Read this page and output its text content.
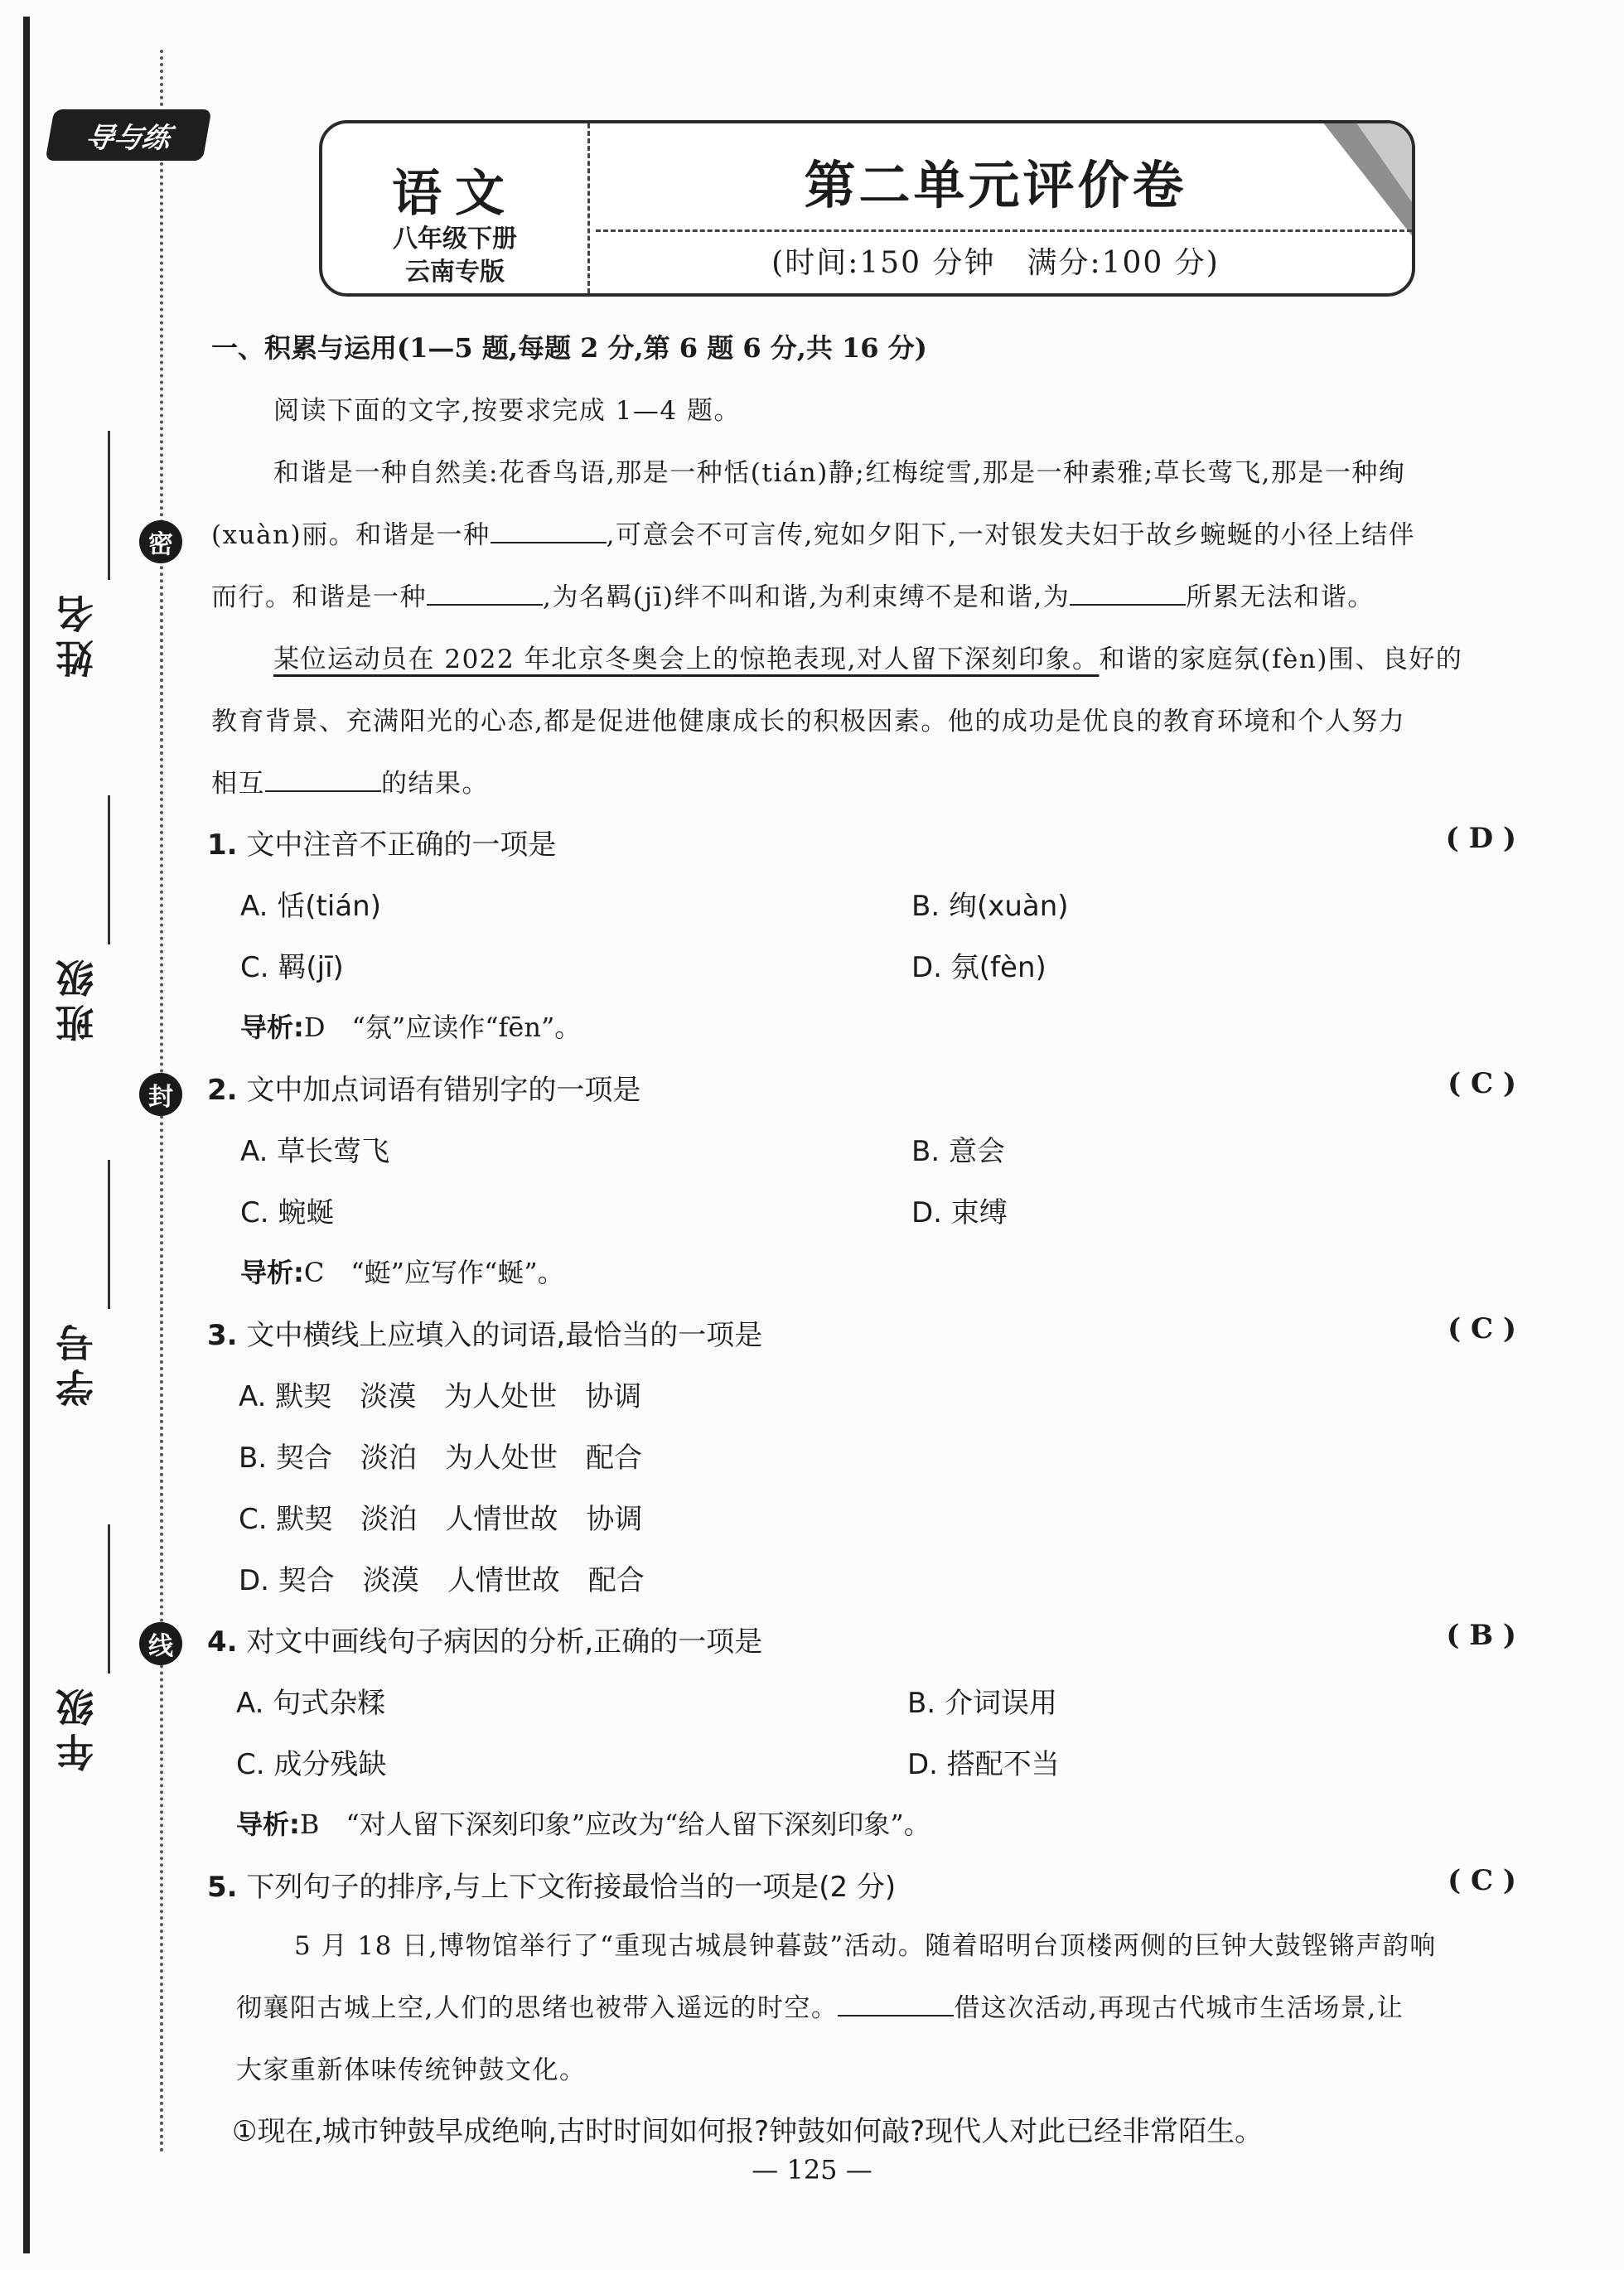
姓名
班级
学号
年级
密
封
线
导与练
语文
八年级下册
云南专版
第二单元评价卷
(时间:150 分钟　满分:100 分)
一、积累与运用(1—5 题,每题 2 分,第 6 题 6 分,共 16 分)
阅读下面的文字,按要求完成 1—4 题。
和谐是一种自然美:花香鸟语,那是一种恬(tián)静;红梅绽雪,那是一种素雅;草长莺飞,那是一种绚
(xuàn)丽。和谐是一种	,可意会不可言传,宛如夕阳下,一对银发夫妇于故乡蜿蜒的小径上结伴
而行。和谐是一种	,为名羁(jī)绊不叫和谐,为利束缚不是和谐,为	所累无法和谐。
某位运动员在 2022 年北京冬奥会上的惊艳表现,对人留下深刻印象。和谐的家庭氛(fèn)围、良好的
教育背景、充满阳光的心态,都是促进他健康成长的积极因素。他的成功是优良的教育环境和个人努力
相互	的结果。
1. 文中注音不正确的一项是	( D )
A. 恬(tián)	B. 绚(xuàn)
C. 羁(jī)	D. 氛(fèn)
导析:D　“氛”应读作“fēn”。
2. 文中加点词语有错别字的一项是	( C )
A. 草长莺飞	B. 意会
C. 蜿蜒	D. 束缚
导析:C　“蜓”应写作“蜒”。
3. 文中横线上应填入的词语,最恰当的一项是	( C )
A. 默契 淡漠 为人处世 协调
B. 契合 淡泊 为人处世 配合
C. 默契 淡泊 人情世故 协调
D. 契合 淡漠 人情世故 配合
4. 对文中画线句子病因的分析,正确的一项是	( B )
A. 句式杂糅	B. 介词误用
C. 成分残缺	D. 搭配不当
导析:B　“对人留下深刻印象”应改为“给人留下深刻印象”。
5. 下列句子的排序,与上下文衔接最恰当的一项是(2 分)	( C )
5 月 18 日,博物馆举行了“重现古城晨钟暮鼓”活动。随着昭明台顶楼两侧的巨钟大鼓铿锵声韵响
彻襄阳古城上空,人们的思绪也被带入遥远的时空。	借这次活动,再现古代城市生活场景,让
大家重新体味传统钟鼓文化。
①现在,城市钟鼓早成绝响,古时时间如何报?钟鼓如何敲?现代人对此已经非常陌生。
— 125 —
